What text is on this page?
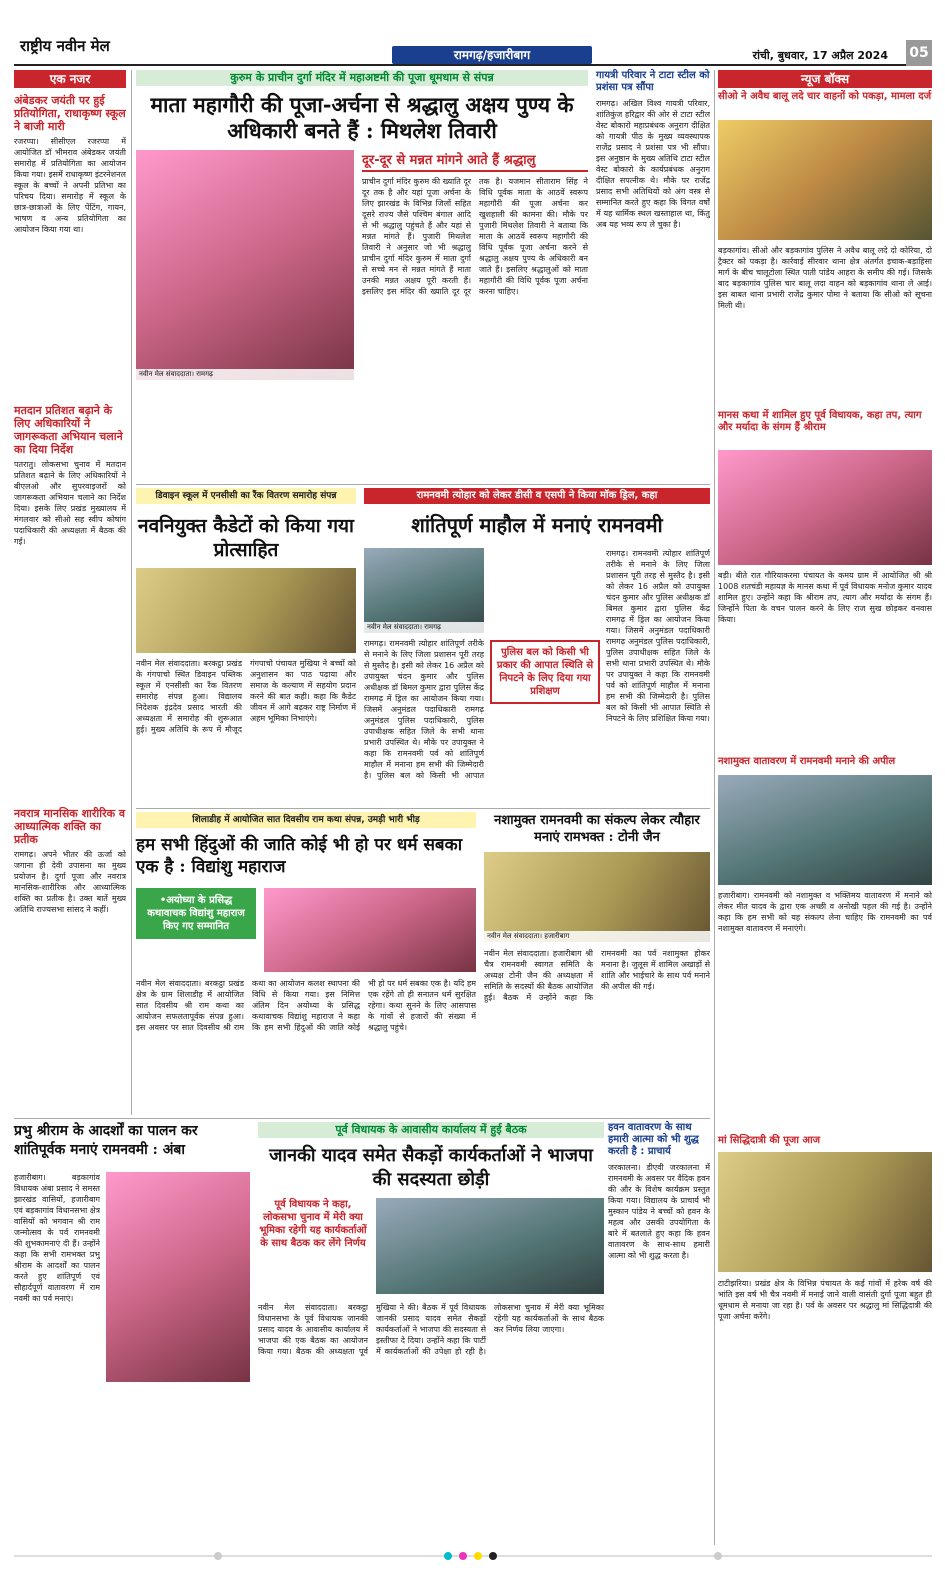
राष्ट्रीय नवीन मेल	रामगढ़/हजारीबाग	रांची, बुधवार, 17 अप्रैल 2024 05
एक नजर
अंबेडकर जयंती पर हुई प्रतियोगिता, राधाकृष्ण स्कूल ने बाजी मारी
रजरप्पा। सीसीएल रजरप्पा में आयोजित डॉ भीमराव अंबेडकर जयंती समारोह में प्रतियोगिता का आयोजन किया गया। इसमें राधाकृष्ण इंटरनेशनल स्कूल के बच्चों ने अपनी प्रतिभा का परिचय दिया। समारोह में स्कूल के छात्र-छात्राओं के लिए पेंटिंग, गायन, भाषण व अन्य प्रतियोगिता का आयोजन किया गया था।
मतदान प्रतिशत बढ़ाने के लिए अधिकारियों ने जागरूकता अभियान चलाने का दिया निर्देश
पतरातु। लोकसभा चुनाव में मतदान प्रतिशत बढ़ाने के लिए अधिकारियों ने बीएलओ और सुपरवाइजरों को जागरूकता अभियान चलाने का निर्देश दिया। इसके लिए प्रखंड मुख्यालय में मंगलवार को सीओ सह स्वीप कोषांग पदाधिकारी की अध्यक्षता में बैठक की गई।
नवरात्र मानसिक शारीरिक व आध्यात्मिक शक्ति का प्रतीक
रामगढ़। अपने भीतर की ऊर्जा को जगाना ही देवी उपासना का मुख्य प्रयोजन है। दुर्गा पूजा और नवरात्र मानसिक-शारीरिक और आध्यात्मिक शक्ति का प्रतीक है। उक्त बातें मुख्य अतिथि राज्यसभा सांसद ने कहीं।
कुरुम के प्राचीन दुर्गा मंदिर में महाअष्टमी की पूजा धूमधाम से संपन्न
माता महागौरी की पूजा-अर्चना से श्रद्धालु अक्षय पुण्य के अधिकारी बनते हैं : मिथलेश तिवारी
नवीन मेल संवाददाता। रामगढ़
दूर-दूर से मन्नत मांगने आते हैं श्रद्धालु
प्राचीन दुर्गा मंदिर कुरुम की ख्याति दूर दूर तक है और यहां पूजा अर्चना के लिए झारखंड के विभिन्न जिलों सहित दूसरे राज्य जैसे पश्चिम बंगाल आदि से भी श्रद्धालु पहुंचते हैं और यहां से मन्नत मांगते हैं। पुजारी मिथलेश तिवारी ने अनुसार जो भी श्रद्धालु प्राचीन दुर्गा मंदिर कुरुम में माता दुर्गा से सच्चे मन से मन्नत मांगते हैं माता उनकी मन्नत अक्षय पूरी करती हैं। इसलिए इस मंदिर की ख्याति दूर दूर तक है। यजमान सीताराम सिंह ने विधि पूर्वक माता के आठवें स्वरूप महागौरी की पूजा अर्चना कर खुशहाली की कामना की। मौके पर पुजारी मिथलेश तिवारी ने बताया कि माता के आठवें स्वरूप महागौरी की विधि पूर्वक पूजा अर्चना करने से श्रद्धालु अक्षय पुण्य के अधिकारी बन जाते हैं। इसलिए श्रद्धालुओं को माता महागौरी की विधि पूर्वक पूजा अर्चना करना चाहिए।
गायत्री परिवार ने टाटा स्टील को प्रशंसा पत्र सौंपा
रामगढ़। अखिल विश्व गायत्री परिवार, शांतिकुंज हरिद्वार की ओर से टाटा स्टील वेस्ट बोकारो महाप्रबंधक अनुराग दीक्षित को गायत्री पीठ के मुख्य व्यवस्थापक राजेंद्र प्रसाद ने प्रशंसा पत्र भी सौंपा। इस अनुष्ठान के मुख्य अतिथि टाटा स्टील वेस्ट बोकारो के कार्यप्रबंधक अनुराग दीक्षित सपत्नीक थे। मौके पर राजेंद्र प्रसाद सभी अतिथियों को अंग वस्त्र से सम्मानित करते हुए कहा कि विगत वर्षों में यह धार्मिक स्थल खस्ताहाल था, किंतु अब यह भव्य रूप ले चुका है।
न्यूज बॉक्स
सीओ ने अवैध बालू लदे चार वाहनों को पकड़ा, मामला दर्ज
बड़कागांव। सीओ और बड़कागांव पुलिस ने अवैध बालू लदे दो कोरिया, दो ट्रैक्टर को पकड़ा है। कार्रवाई सीरवार थाना क्षेत्र अंतर्गत इचाक-बड़ाहिसा मार्ग के बीच चालूटोला स्थित पाती पांडेय आहरा के समीप की गई। जिसके बाद बड़कागांव पुलिस चार बालू लदा वाहन को बड़कागांव थाना ले आई। इस बाबत थाना प्रभारी राजेंद्र कुमार पोमा ने बताया कि सीओ को सूचना मिली थी।
मानस कथा में शामिल हुए पूर्व विधायक, कहा तप, त्याग और मर्यादा के संगम हैं श्रीराम
बड़ी। बीते रात गौरियाकरमा पंचायत के कमय ग्राम में आयोजित श्री श्री 1008 शतचंडी महायज्ञ के मानस कथा में पूर्व विधायक मनोज कुमार यादव शामिल हुए। उन्होंने कहा कि श्रीराम तप, त्याग और मर्यादा के संगम हैं। जिन्होंने पिता के वचन पालन करने के लिए राज सुख छोड़कर वनवास किया।
नशामुक्त वातावरण में रामनवमी मनाने की अपील
हजारीबाग। रामनवमी को नशामुक्त व भक्तिमय वातावरण में मनाने को लेकर मीत यादव के द्वारा एक अच्छी व अनोखी पहल की गई है। उन्होंने कहा कि हम सभी को यह संकल्प लेना चाहिए कि रामनवमी का पर्व नशामुक्त वातावरण में मनाएंगे।
मां सिद्धिदात्री की पूजा आज
टाटीझरिया। प्रखंड क्षेत्र के विभिन्न पंचायत के कई गांवों में हरेक वर्ष की भांति इस वर्ष भी चैत्र नवमी में मनाई जाने वाली वासंती दुर्गा पूजा बहुत ही धूमधाम से मनाया जा रहा है। पर्व के अवसर पर श्रद्धालु मां सिद्धिदात्री की पूजा अर्चना करेंगे।
डिवाइन स्कूल में एनसीसी का रैंक वितरण समारोह संपन्न
नवनियुक्त कैडेटों को किया गया प्रोत्साहित
नवीन मेल संवाददाता। बरकट्ठा प्रखंड के गंगपाचो स्थित डिवाइन पब्लिक स्कूल में एनसीसी का रैंक वितरण समारोह संपन्न हुआ। विद्यालय निदेशक इंद्रदेव प्रसाद भारती की अध्यक्षता में समारोह की शुरूआत हुई। मुख्य अतिथि के रूप में मौजूद गंगपाचो पंचायत मुखिया ने बच्चों को अनुशासन का पाठ पढ़ाया और समाज के कल्याण में सहयोग प्रदान करने की बात कही। कहा कि कैडेट जीवन में आगे बढ़कर राष्ट्र निर्माण में अहम भूमिका निभाएंगे।
रामनवमी त्योहार को लेकर डीसी व एसपी ने किया मॉक ड्रिल, कहा
शांतिपूर्ण माहौल में मनाएं रामनवमी
नवीन मेल संवाददाता। रामगढ़
पुलिस बल को किसी भी प्रकार की आपात स्थिति से निपटने के लिए दिया गया प्रशिक्षण
रामगढ़। रामनवमी त्योहार शांतिपूर्ण तरीके से मनाने के लिए जिला प्रशासन पूरी तरह से मुस्तैद है। इसी को लेकर 16 अप्रैल को उपायुक्त चंदन कुमार और पुलिस अधीक्षक डॉ बिमल कुमार द्वारा पुलिस केंद्र रामगढ़ में ड्रिल का आयोजन किया गया। जिसमें अनुमंडल पदाधिकारी रामगढ़ अनुमंडल पुलिस पदाधिकारी, पुलिस उपाधीक्षक सहित जिले के सभी थाना प्रभारी उपस्थित थे। मौके पर उपायुक्त ने कहा कि रामनवमी पर्व को शांतिपूर्ण माहौल में मनाना हम सभी की जिम्मेदारी है। पुलिस बल को किसी भी आपात
रामगढ़। रामनवमी त्योहार शांतिपूर्ण तरीके से मनाने के लिए जिला प्रशासन पूरी तरह से मुस्तैद है। इसी को लेकर 16 अप्रैल को उपायुक्त चंदन कुमार और पुलिस अधीक्षक डॉ बिमल कुमार द्वारा पुलिस केंद्र रामगढ़ में ड्रिल का आयोजन किया गया। जिसमें अनुमंडल पदाधिकारी रामगढ़ अनुमंडल पुलिस पदाधिकारी, पुलिस उपाधीक्षक सहित जिले के सभी थाना प्रभारी उपस्थित थे। मौके पर उपायुक्त ने कहा कि रामनवमी पर्व को शांतिपूर्ण माहौल में मनाना हम सभी की जिम्मेदारी है। पुलिस बल को किसी भी आपात स्थिति से निपटने के लिए प्रशिक्षित किया गया।
शिलाडीह में आयोजित सात दिवसीय राम कथा संपन्न, उमड़ी भारी भीड़
हम सभी हिंदुओं की जाति कोई भी हो पर धर्म सबका एक है : विद्यांशु महाराज
•अयोध्या के प्रसिद्ध कथावाचक विद्यांशु महाराज किए गए सम्मानित
नवीन मेल संवाददाता। बरकट्ठा प्रखंड क्षेत्र के ग्राम शिलाडीह में आयोजित सात दिवसीय श्री राम कथा का आयोजन सफलतापूर्वक संपन्न हुआ। इस अवसर पर सात दिवसीय श्री राम कथा का आयोजन कलश स्थापना की विधि से किया गया। इस निमित्त अंतिम दिन अयोध्या के प्रसिद्ध कथावाचक विद्यांशु महाराज ने कहा कि हम सभी हिंदुओं की जाति कोई भी हो पर धर्म सबका एक है। यदि हम एक रहेंगे तो ही सनातन धर्म सुरक्षित रहेगा। कथा सुनने के लिए आसपास के गांवों से हजारों की संख्या में श्रद्धालु पहुंचे।
नशामुक्त रामनवमी का संकल्प लेकर त्यौहार मनाएं रामभक्त : टोनी जैन
नवीन मेल संवाददाता। हजारीबाग
नवीन मेल संवाददाता। हजारीबाग श्री चैत्र रामनवमी स्वागत समिति के अध्यक्ष टोनी जैन की अध्यक्षता में समिति के सदस्यों की बैठक आयोजित हुई। बैठक में उन्होंने कहा कि रामनवमी का पर्व नशामुक्त होकर मनाना है। जुलूस में शामिल अखाड़ों से शांति और भाईचारे के साथ पर्व मनाने की अपील की गई।
प्रभु श्रीराम के आदर्शों का पालन कर शांतिपूर्वक मनाएं रामनवमी : अंबा
हजारीबाग। बड़कागांव विधायक अंबा प्रसाद ने समस्त झारखंड वासियों, हजारीबाग एवं बड़कागांव विधानसभा क्षेत्र वासियों को भगवान श्री राम जन्मोत्सव के पर्व रामनवमी की शुभकामनाएं दी हैं। उन्होंने कहा कि सभी रामभक्त प्रभु श्रीराम के आदर्शों का पालन करते हुए शांतिपूर्ण एवं सौहार्दपूर्ण वातावरण में राम नवमी का पर्व मनाएं।
पूर्व विधायक के आवासीय कार्यालय में हुई बैठक
जानकी यादव समेत सैकड़ों कार्यकर्ताओं ने भाजपा की सदस्यता छोड़ी
पूर्व विधायक ने कहा, लोकसभा चुनाव में मेरी क्या भूमिका रहेगी यह कार्यकर्ताओं के साथ बैठक कर लेंगे निर्णय
नवीन मेल संवाददाता। बरकट्ठा विधानसभा के पूर्व विधायक जानकी प्रसाद यादव के आवासीय कार्यालय में भाजपा की एक बैठक का आयोजन किया गया। बैठक की अध्यक्षता पूर्व मुखिया ने की। बैठक में पूर्व विधायक जानकी प्रसाद यादव समेत सैकड़ों कार्यकर्ताओं ने भाजपा की सदस्यता से इस्तीफा दे दिया। उन्होंने कहा कि पार्टी में कार्यकर्ताओं की उपेक्षा हो रही है। लोकसभा चुनाव में मेरी क्या भूमिका रहेगी यह कार्यकर्ताओं के साथ बैठक कर निर्णय लिया जाएगा।
हवन वातावरण के साथ हमारी आत्मा को भी शुद्ध करती है : प्राचार्य
जरकालना। डीएवी जरकालना में रामनवमी के अवसर पर वैदिक हवन की और के विशेष कार्यक्रम प्रस्तुत किया गया। विद्यालय के प्राचार्य भी मुस्कान पांडेय ने बच्चों को हवन के महत्व और उसकी उपयोगिता के बारे में बतलाते हुए कहा कि हवन वातावरण के साथ-साथ हमारी आत्मा को भी शुद्ध करता है।
